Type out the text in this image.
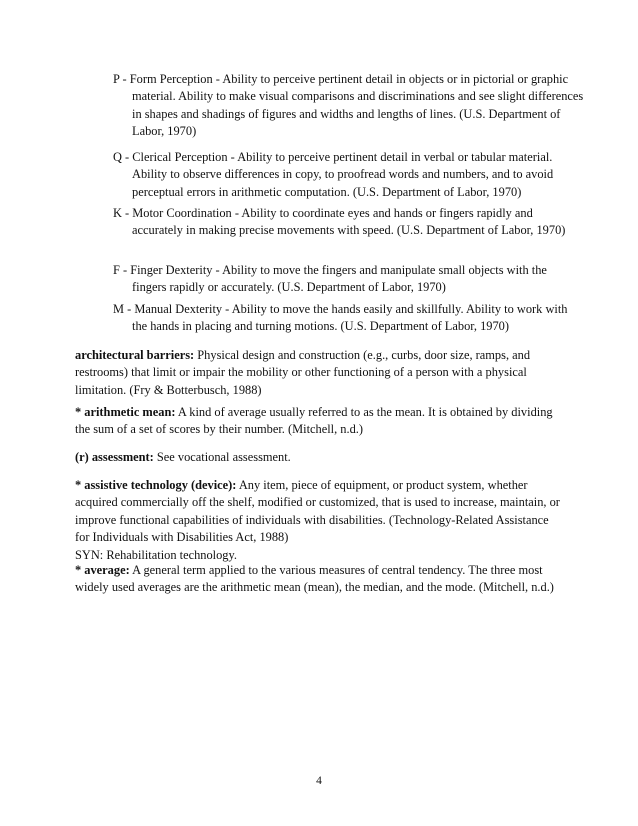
P - Form Perception - Ability to perceive pertinent detail in objects or in pictorial or graphic material. Ability to make visual comparisons and discriminations and see slight differences in shapes and shadings of figures and widths and lengths of lines. (U.S. Department of Labor, 1970)

Q - Clerical Perception - Ability to perceive pertinent detail in verbal or tabular material. Ability to observe differences in copy, to proofread words and numbers, and to avoid perceptual errors in arithmetic computation. (U.S. Department of Labor, 1970)

K - Motor Coordination - Ability to coordinate eyes and hands or fingers rapidly and accurately in making precise movements with speed. (U.S. Department of Labor, 1970)

F - Finger Dexterity - Ability to move the fingers and manipulate small objects with the fingers rapidly or accurately. (U.S. Department of Labor, 1970)

M - Manual Dexterity - Ability to move the hands easily and skillfully. Ability to work with the hands in placing and turning motions. (U.S. Department of Labor, 1970)

architectural barriers: Physical design and construction (e.g., curbs, door size, ramps, and restrooms) that limit or impair the mobility or other functioning of a person with a physical limitation. (Fry & Botterbusch, 1988)

* arithmetic mean: A kind of average usually referred to as the mean. It is obtained by dividing the sum of a set of scores by their number. (Mitchell, n.d.)

(r) assessment: See vocational assessment.

* assistive technology (device): Any item, piece of equipment, or product system, whether acquired commercially off the shelf, modified or customized, that is used to increase, maintain, or improve functional capabilities of individuals with disabilities. (Technology-Related Assistance for Individuals with Disabilities Act, 1988)
SYN: Rehabilitation technology.

* average: A general term applied to the various measures of central tendency. The three most widely used averages are the arithmetic mean (mean), the median, and the mode. (Mitchell, n.d.)

4
